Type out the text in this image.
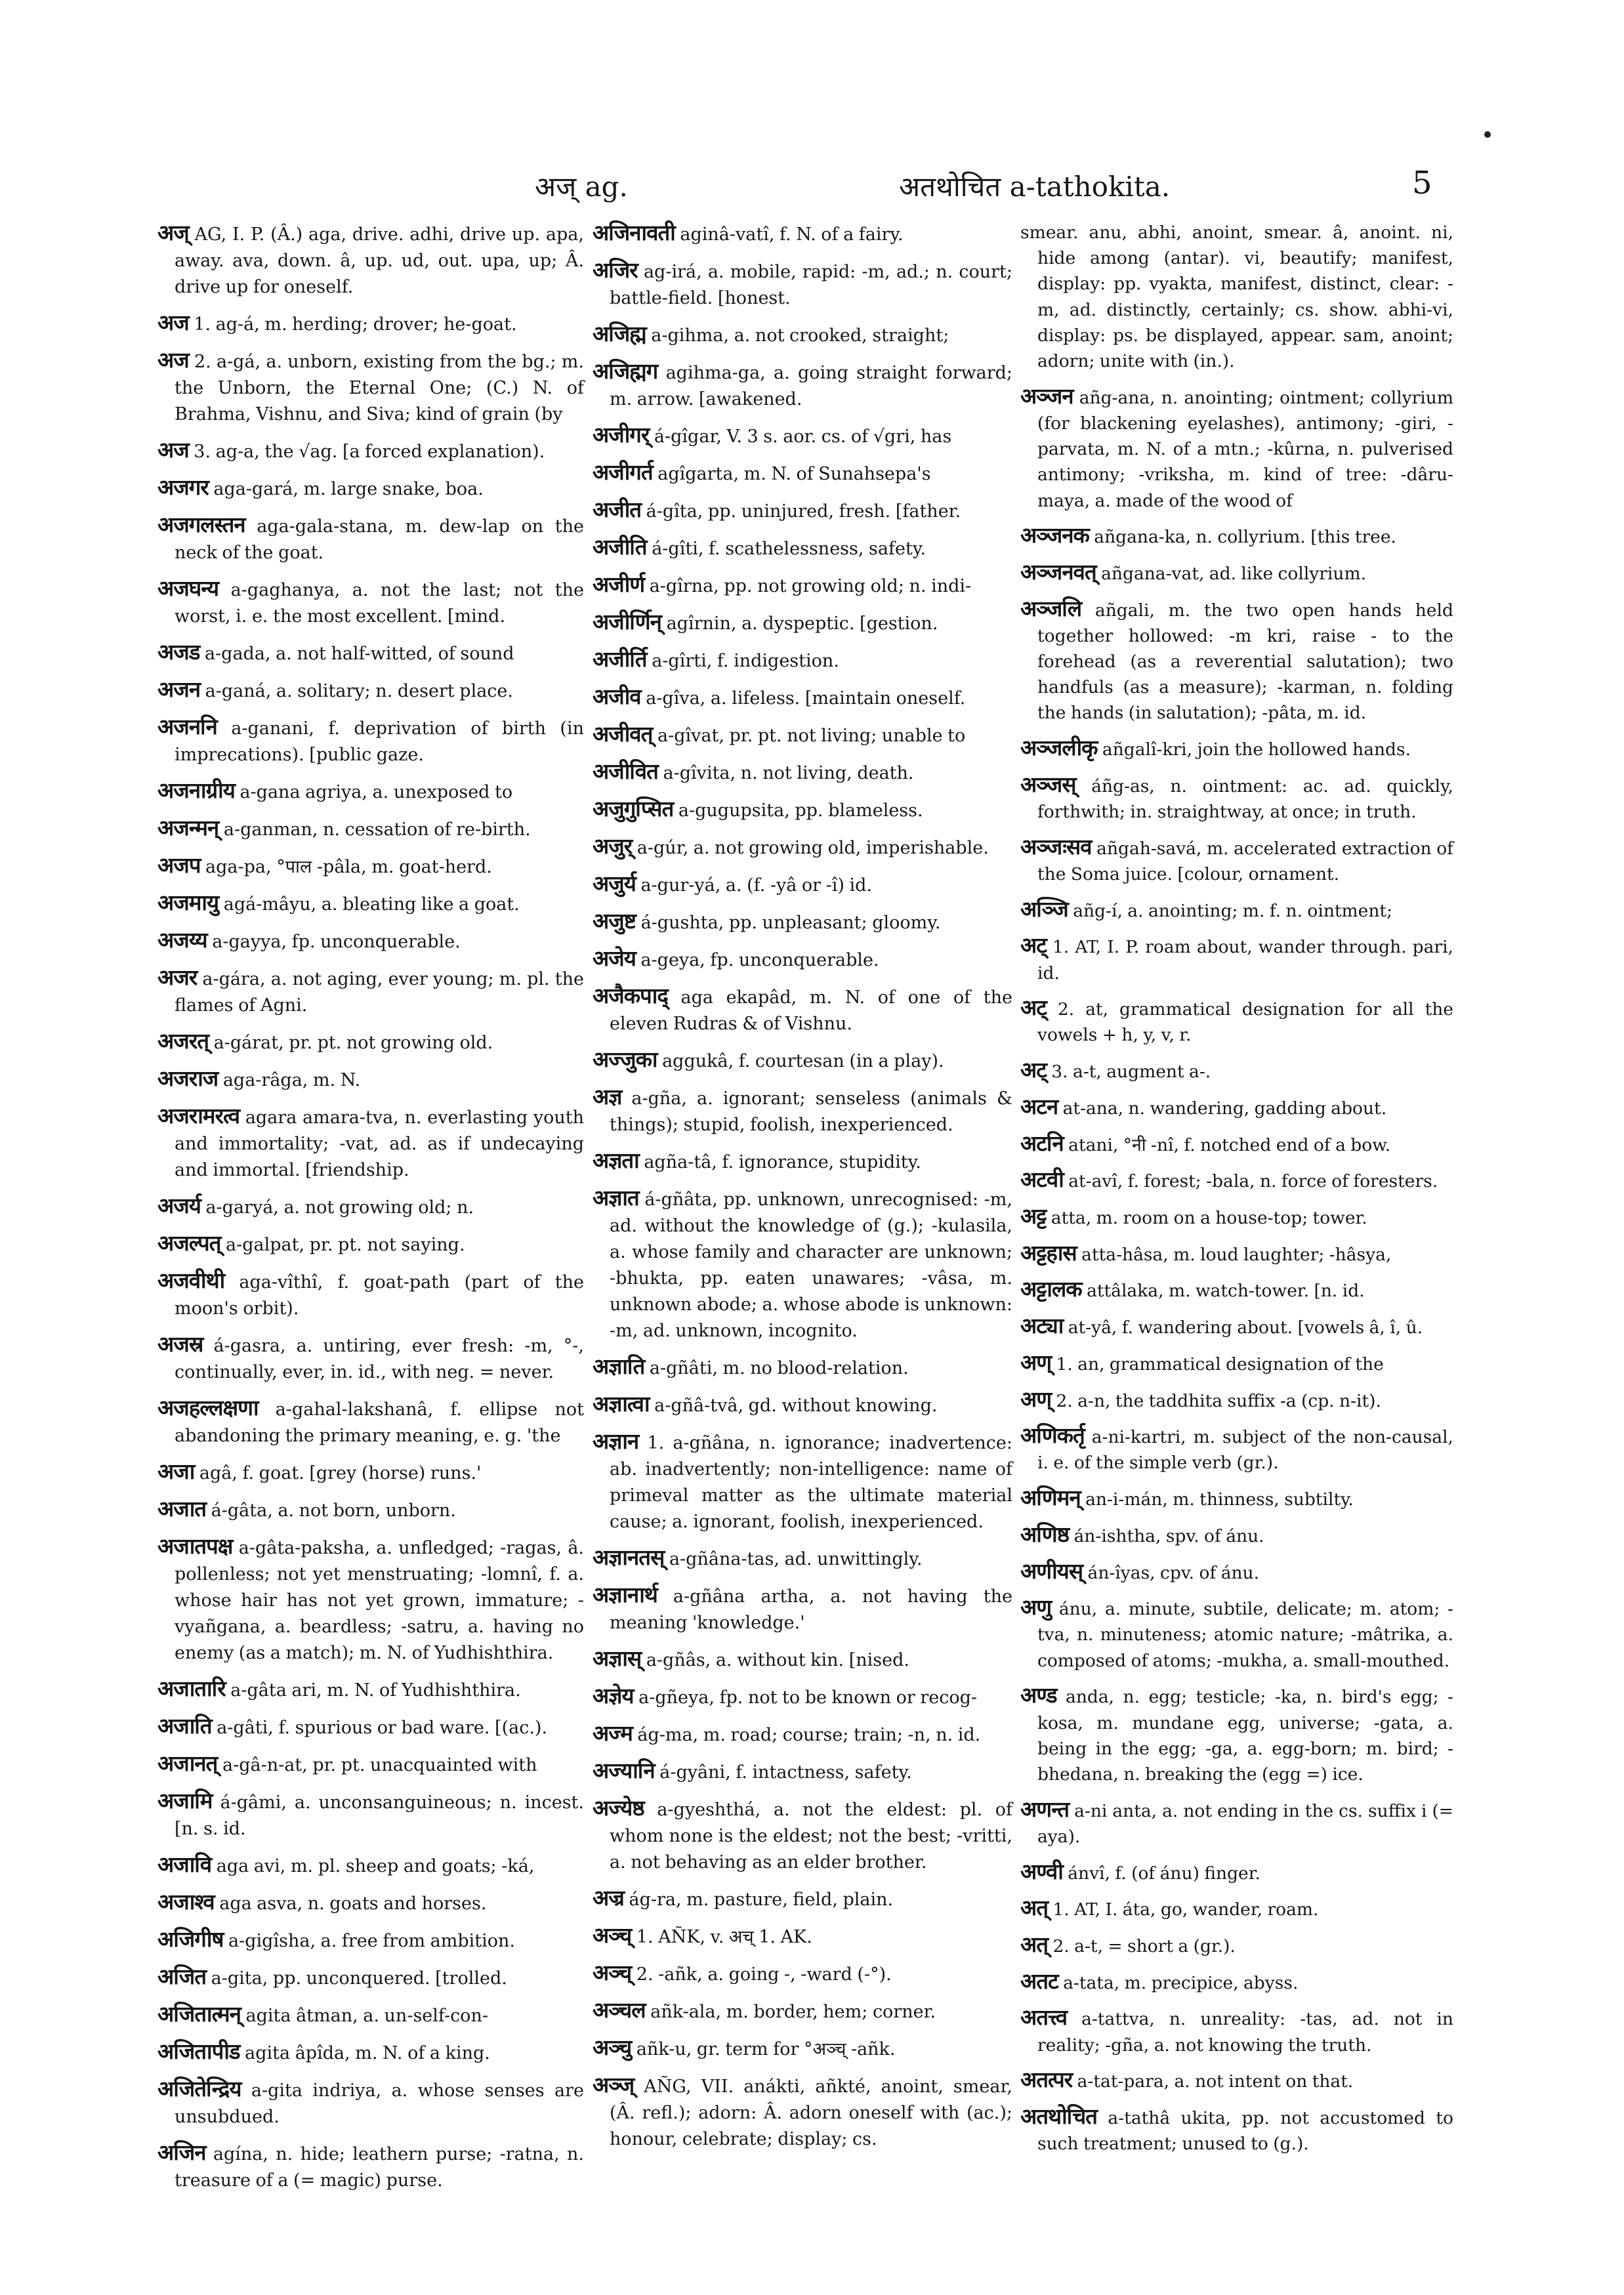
अज् ag.	अतथोचित a-tathokita.	5

अज् AG, I. P. (Â.) aga, drive. adhi, drive up. apa, away. ava, down. â, up. ud, out. upa, up; Â. drive up for oneself.

अज 1. ag-á, m. herding; drover; he-goat.

अज 2. a-gá, a. unborn, existing from the bg.; m. the Unborn, the Eternal One; (C.) N. of Brahma, Vishnu, and Siva; kind of grain (by

अज 3. ag-a, the √ag. [a forced explanation).

अजगर aga-gará, m. large snake, boa.

अजगलस्तन aga-gala-stana, m. dew-lap on the neck of the goat.

अजघन्य a-gaghanya, a. not the last; not the worst, i. e. the most excellent. [mind.

अजड a-gada, a. not half-witted, of sound

अजन a-ganá, a. solitary; n. desert place.

अजननि a-ganani, f. deprivation of birth (in imprecations). [public gaze.

अजनाग्रीय a-gana agriya, a. unexposed to

अजन्मन् a-ganman, n. cessation of re-birth.

अजप aga-pa, °पाल -pâla, m. goat-herd.

अजमायु agá-mâyu, a. bleating like a goat.

अजय्य a-gayya, fp. unconquerable.

अजर a-gára, a. not aging, ever young; m. pl. the flames of Agni.

अजरत् a-gárat, pr. pt. not growing old.

अजराज aga-râga, m. N.

अजरामरत्व agara amara-tva, n. everlasting youth and immortality; -vat, ad. as if undecaying and immortal. [friendship.

अजर्य a-garyá, a. not growing old; n.

अजल्पत् a-galpat, pr. pt. not saying.

अजवीथी aga-vîthî, f. goat-path (part of the moon's orbit).

अजस्र á-gasra, a. untiring, ever fresh: -m, °-, continually, ever, in. id., with neg. = never.

अजहल्लक्षणा a-gahal-lakshanâ, f. ellipse not abandoning the primary meaning, e. g. 'the

अजा agâ, f. goat. [grey (horse) runs.'

अजात á-gâta, a. not born, unborn.

अजातपक्ष a-gâta-paksha, a. unfledged; -ragas, â. pollenless; not yet menstruating; -lomnî, f. a. whose hair has not yet grown, immature; -vyañgana, a. beardless; -satru, a. having no enemy (as a match); m. N. of Yudhishthira.

अजातारि a-gâta ari, m. N. of Yudhishthira.

अजाति a-gâti, f. spurious or bad ware. [(ac.).

अजानत् a-gâ-n-at, pr. pt. unacquainted with

अजामि á-gâmi, a. unconsanguineous; n. incest. [n. s. id.

अजावि aga avi, m. pl. sheep and goats; -ká,

अजाश्व aga asva, n. goats and horses.

अजिगीष a-gigîsha, a. free from ambition.

अजित a-gita, pp. unconquered. [trolled.

अजितात्मन् agita âtman, a. un-self-con-

अजितापीड agita âpîda, m. N. of a king.

अजितेन्द्रिय a-gita indriya, a. whose senses are unsubdued.

अजिन agína, n. hide; leathern purse; -ratna, n. treasure of a (= magic) purse.

अजिनावती aginâ-vatî, f. N. of a fairy.

अजिर ag-irá, a. mobile, rapid: -m, ad.; n. court; battle-field. [honest.

अजिह्म a-gihma, a. not crooked, straight;

अजिह्मग agihma-ga, a. going straight forward; m. arrow. [awakened.

अजीगर् á-gîgar, V. 3 s. aor. cs. of √gri, has

अजीगर्त agîgarta, m. N. of Sunahsepa's

अजीत á-gîta, pp. uninjured, fresh. [father.

अजीति á-gîti, f. scathelessness, safety.

अजीर्ण a-gîrna, pp. not growing old; n. indi-

अजीर्णिन् agîrnin, a. dyspeptic. [gestion.

अजीर्ति a-gîrti, f. indigestion.

अजीव a-gîva, a. lifeless. [maintain oneself.

अजीवत् a-gîvat, pr. pt. not living; unable to

अजीवित a-gîvita, n. not living, death.

अजुगुप्सित a-gugupsita, pp. blameless.

अजुर् a-gúr, a. not growing old, imperishable.

अजुर्य a-gur-yá, a. (f. -yâ or -î) id.

अजुष्ट á-gushta, pp. unpleasant; gloomy.

अजेय a-geya, fp. unconquerable.

अजैकपाद् aga ekapâd, m. N. of one of the eleven Rudras & of Vishnu.

अज्जुका aggukâ, f. courtesan (in a play).

अज्ञ a-gña, a. ignorant; senseless (animals & things); stupid, foolish, inexperienced.

अज्ञता agña-tâ, f. ignorance, stupidity.

अज्ञात á-gñâta, pp. unknown, unrecognised: -m, ad. without the knowledge of (g.); -kulasila, a. whose family and character are unknown; -bhukta, pp. eaten unawares; -vâsa, m. unknown abode; a. whose abode is unknown: -m, ad. unknown, incognito.

अज्ञाति a-gñâti, m. no blood-relation.

अज्ञात्वा a-gñâ-tvâ, gd. without knowing.

अज्ञान 1. a-gñâna, n. ignorance; inadvertence: ab. inadvertently; non-intelligence: name of primeval matter as the ultimate material cause; a. ignorant, foolish, inexperienced.

अज्ञानतस् a-gñâna-tas, ad. unwittingly.

अज्ञानार्थ a-gñâna artha, a. not having the meaning 'knowledge.'

अज्ञास् a-gñâs, a. without kin. [nised.

अज्ञेय a-gñeya, fp. not to be known or recog-

अज्म ág-ma, m. road; course; train; -n, n. id.

अज्यानि á-gyâni, f. intactness, safety.

अज्येष्ठ a-gyeshthá, a. not the eldest: pl. of whom none is the eldest; not the best; -vritti, a. not behaving as an elder brother.

अज्र ág-ra, m. pasture, field, plain.

अञ्च् 1. AÑK, v. अच् 1. AK.

अञ्च् 2. -añk, a. going -, -ward (-°).

अञ्चल añk-ala, m. border, hem; corner.

अञ्चु añk-u, gr. term for °अञ्च् -añk.

अञ्ज् AÑG, VII. anákti, añkté, anoint, smear, (Â. refl.); adorn: Â. adorn oneself with (ac.); honour, celebrate; display; cs.

smear. anu, abhi, anoint, smear. â, anoint. ni, hide among (antar). vi, beautify; manifest, display: pp. vyakta, manifest, distinct, clear: -m, ad. distinctly, certainly; cs. show. abhi-vi, display: ps. be displayed, appear. sam, anoint; adorn; unite with (in.).

अञ्जन añg-ana, n. anointing; ointment; collyrium (for blackening eyelashes), antimony; -giri, -parvata, m. N. of a mtn.; -kûrna, n. pulverised antimony; -vriksha, m. kind of tree: -dâru-maya, a. made of the wood of

अञ्जनक añgana-ka, n. collyrium. [this tree.

अञ्जनवत् añgana-vat, ad. like collyrium.

अञ्जलि añgali, m. the two open hands held together hollowed: -m kri, raise - to the forehead (as a reverential salutation); two handfuls (as a measure); -karman, n. folding the hands (in salutation); -pâta, m. id.

अञ्जलीकृ añgalî-kri, join the hollowed hands.

अञ्जस् áñg-as, n. ointment: ac. ad. quickly, forthwith; in. straightway, at once; in truth.

अञ्जःसव añgah-savá, m. accelerated extraction of the Soma juice. [colour, ornament.

अञ्जि añg-í, a. anointing; m. f. n. ointment;

अट् 1. AT, I. P. roam about, wander through. pari, id.

अट् 2. at, grammatical designation for all the vowels + h, y, v, r.

अट् 3. a-t, augment a-.

अटन at-ana, n. wandering, gadding about.

अटनि atani, °नी -nî, f. notched end of a bow.

अटवी at-avî, f. forest; -bala, n. force of foresters.

अट्ट atta, m. room on a house-top; tower.

अट्टहास atta-hâsa, m. loud laughter; -hâsya,

अट्टालक attâlaka, m. watch-tower. [n. id.

अट्या at-yâ, f. wandering about. [vowels â, î, û.

अण् 1. an, grammatical designation of the

अण् 2. a-n, the taddhita suffix -a (cp. n-it).

अणिकर्तृ a-ni-kartri, m. subject of the non-causal, i. e. of the simple verb (gr.).

अणिमन् an-i-mán, m. thinness, subtilty.

अणिष्ठ án-ishtha, spv. of ánu.

अणीयस् án-îyas, cpv. of ánu.

अणु ánu, a. minute, subtile, delicate; m. atom; -tva, n. minuteness; atomic nature; -mâtrika, a. composed of atoms; -mukha, a. small-mouthed.

अण्ड anda, n. egg; testicle; -ka, n. bird's egg; -kosa, m. mundane egg, universe; -gata, a. being in the egg; -ga, a. egg-born; m. bird; -bhedana, n. breaking the (egg =) ice.

अणन्त a-ni anta, a. not ending in the cs. suffix i (= aya).

अण्वी ánvî, f. (of ánu) finger.

अत् 1. AT, I. áta, go, wander, roam.

अत् 2. a-t, = short a (gr.).

अतट a-tata, m. precipice, abyss.

अतत्त्व a-tattva, n. unreality: -tas, ad. not in reality; -gña, a. not knowing the truth.

अतत्पर a-tat-para, a. not intent on that.

अतथोचित a-tathâ ukita, pp. not accustomed to such treatment; unused to (g.).
